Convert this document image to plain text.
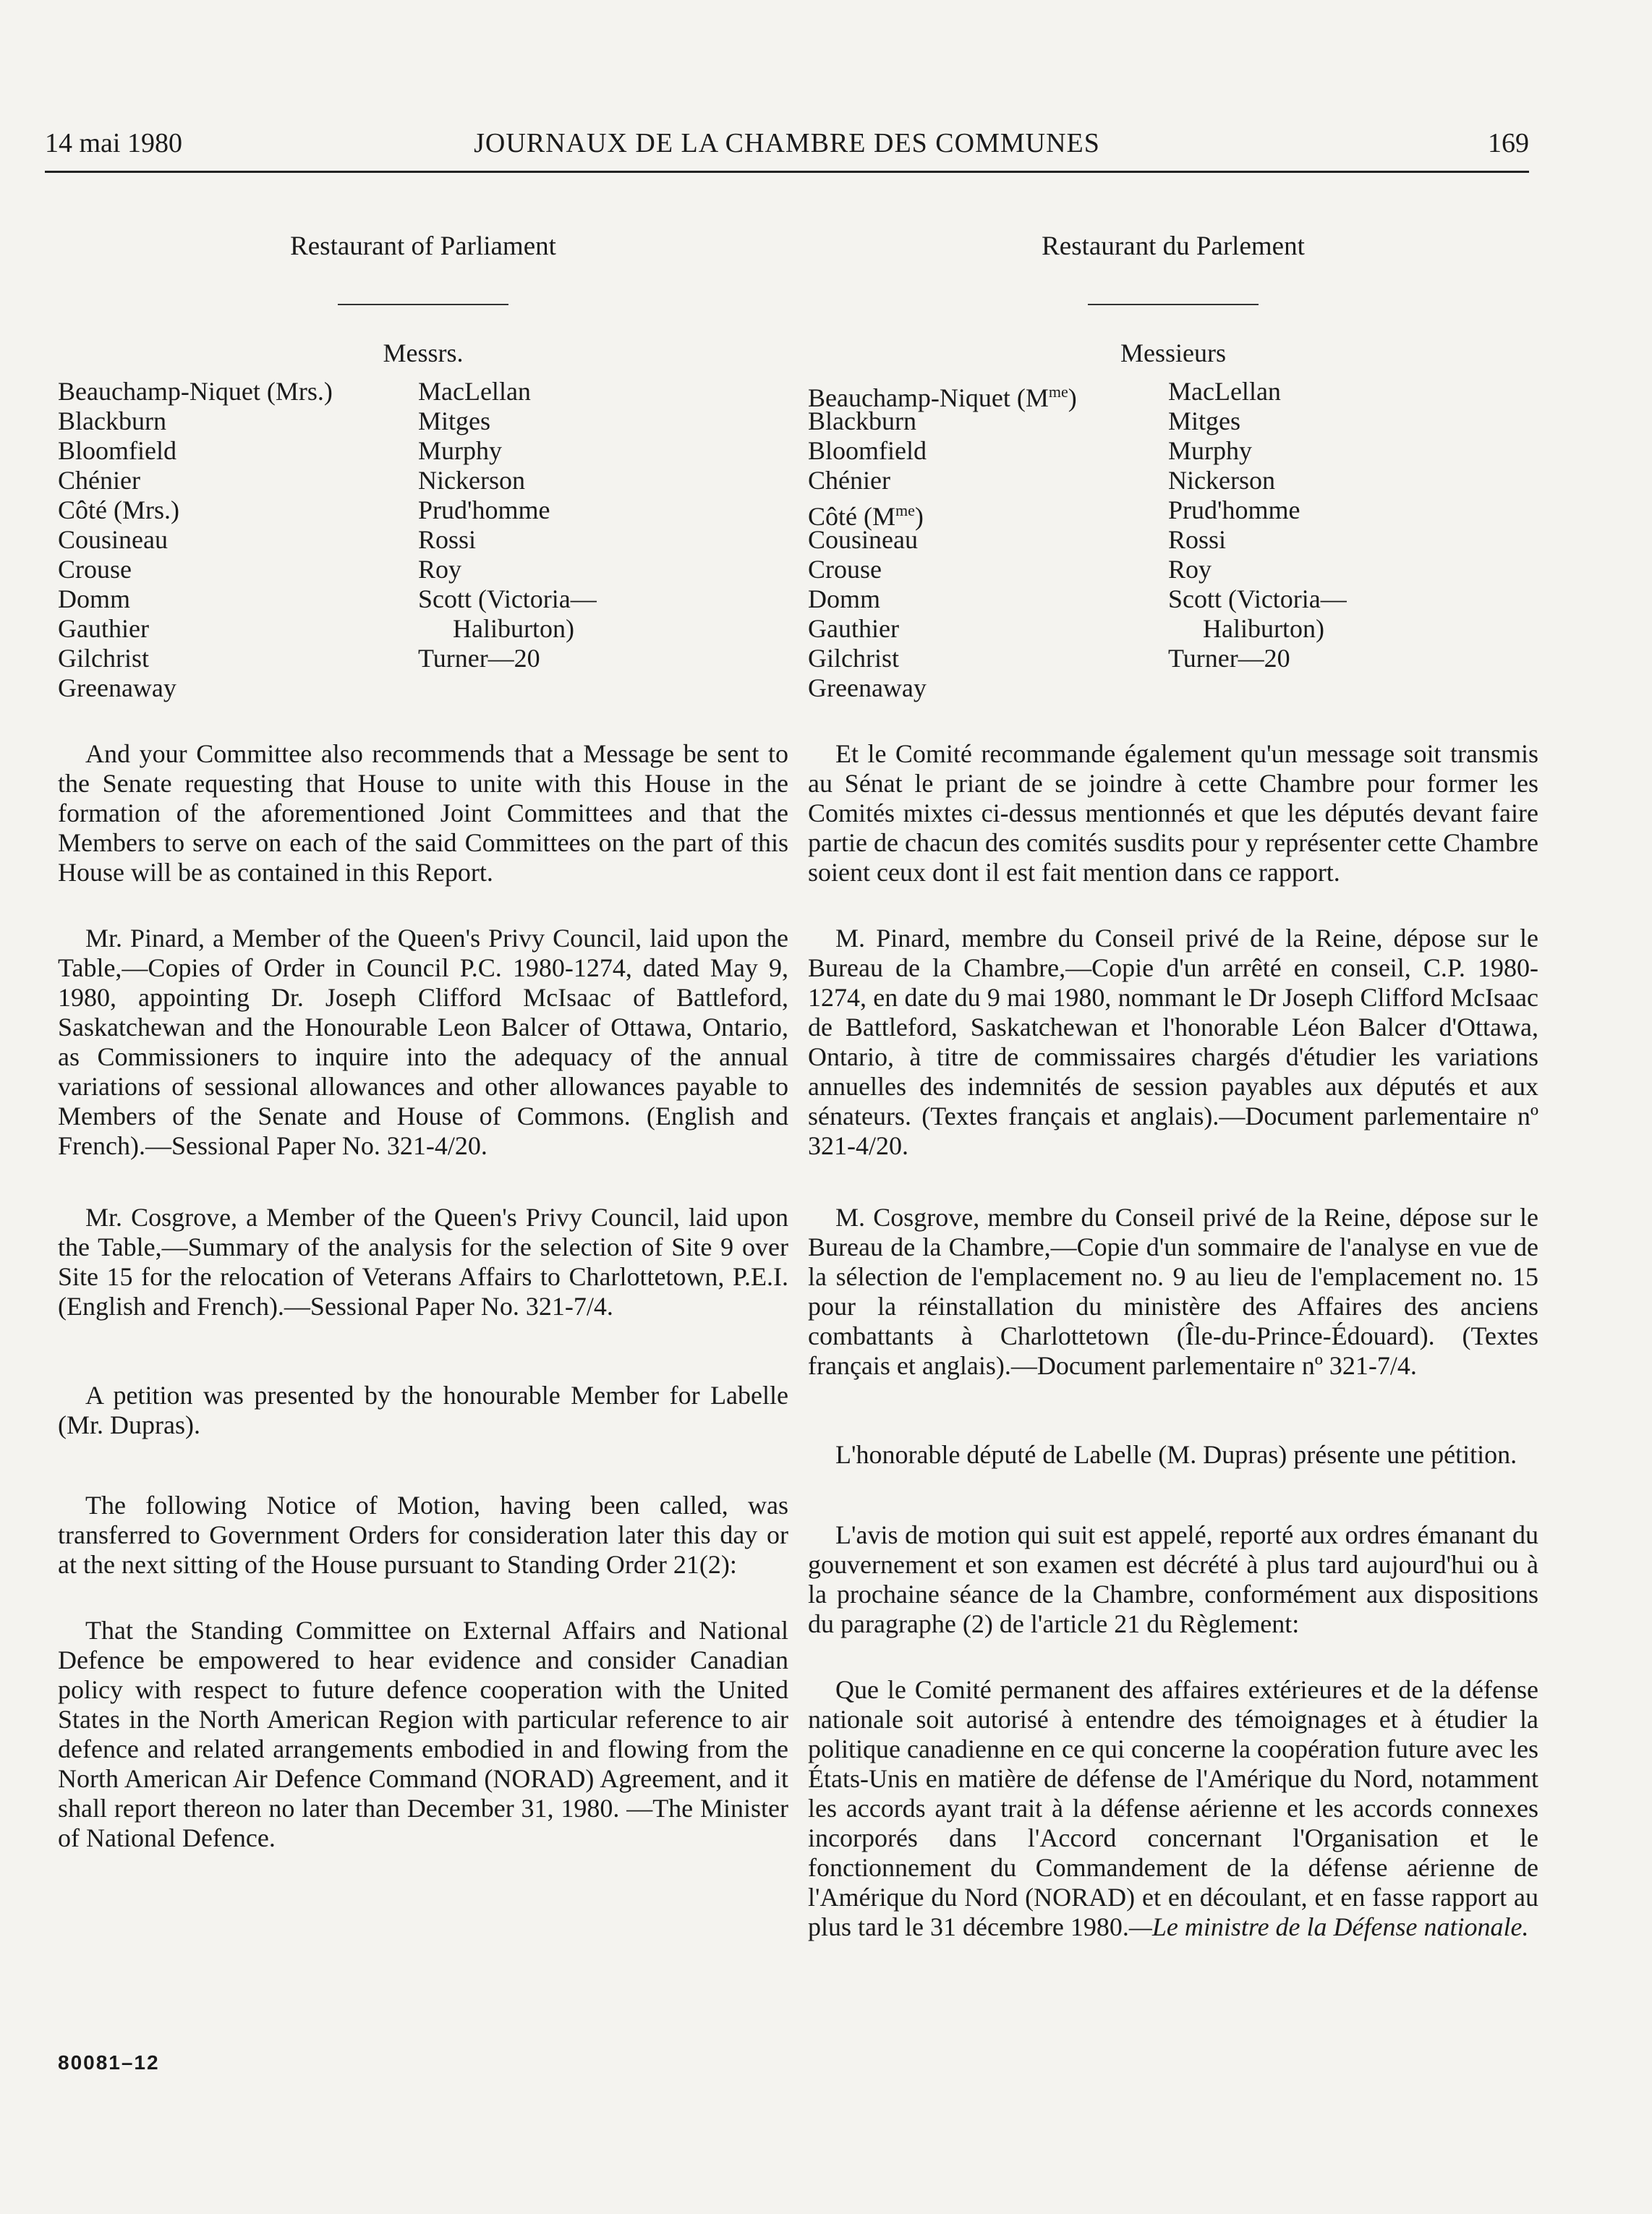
14 mai 1980	JOURNAUX DE LA CHAMBRE DES COMMUNES	169
Restaurant of Parliament
Messrs.
Beauchamp-Niquet (Mrs.)
Blackburn
Bloomfield
Chénier
Côté (Mrs.)
Cousineau
Crouse
Domm
Gauthier
Gilchrist
Greenaway
MacLellan
Mitges
Murphy
Nickerson
Prud'homme
Rossi
Roy
Scott (Victoria—
Haliburton)
Turner—20

And your Committee also recommends that a Message be sent to the Senate requesting that House to unite with this House in the formation of the aforementioned Joint Committees and that the Members to serve on each of the said Committees on the part of this House will be as contained in this Report.

Mr. Pinard, a Member of the Queen's Privy Council, laid upon the Table,—Copies of Order in Council P.C. 1980-1274, dated May 9, 1980, appointing Dr. Joseph Clifford McIsaac of Battleford, Saskatchewan and the Honourable Leon Balcer of Ottawa, Ontario, as Commissioners to inquire into the adequacy of the annual variations of sessional allowances and other allowances payable to Members of the Senate and House of Commons. (English and French).—Sessional Paper No. 321-4/20.

Mr. Cosgrove, a Member of the Queen's Privy Council, laid upon the Table,—Summary of the analysis for the selection of Site 9 over Site 15 for the relocation of Veterans Affairs to Charlottetown, P.E.I. (English and French).—Sessional Paper No. 321-7/4.

A petition was presented by the honourable Member for Labelle (Mr. Dupras).

The following Notice of Motion, having been called, was transferred to Government Orders for consideration later this day or at the next sitting of the House pursuant to Standing Order 21(2):

That the Standing Committee on External Affairs and National Defence be empowered to hear evidence and consider Canadian policy with respect to future defence cooperation with the United States in the North American Region with particular reference to air defence and related arrangements embodied in and flowing from the North American Air Defence Command (NORAD) Agreement, and it shall report thereon no later than December 31, 1980. —The Minister of National Defence.

Restaurant du Parlement
Messieurs
Beauchamp-Niquet $(M^{me})$
Blackburn
Bloomfield
Chénier
Côté $(M^{me})$
Cousineau
Crouse
Domm
Gauthier
Gilchrist
Greenaway
MacLellan
Mitges
Murphy
Nickerson
Prud'homme
Rossi
Roy
Scott (Victoria—
Haliburton)
Turner—20

Et le Comité recommande également qu'un message soit transmis au Sénat le priant de se joindre à cette Chambre pour former les Comités mixtes ci-dessus mentionnés et que les députés devant faire partie de chacun des comités susdits pour y représenter cette Chambre soient ceux dont il est fait mention dans ce rapport.

M. Pinard, membre du Conseil privé de la Reine, dépose sur le Bureau de la Chambre,—Copie d'un arrêté en conseil, C.P. 1980-1274, en date du 9 mai 1980, nommant le Dr Joseph Clifford McIsaac de Battleford, Saskatchewan et l'honorable Léon Balcer d'Ottawa, Ontario, à titre de commissaires chargés d'étudier les variations annuelles des indemnités de session payables aux députés et aux sénateurs. (Textes français et anglais).—Document parlementaire nº 321-4/20.

M. Cosgrove, membre du Conseil privé de la Reine, dépose sur le Bureau de la Chambre,—Copie d'un sommaire de l'analyse en vue de la sélection de l'emplacement no. 9 au lieu de l'emplacement no. 15 pour la réinstallation du ministère des Affaires des anciens combattants à Charlottetown (Île-du-Prince-Édouard). (Textes français et anglais).—Document parlementaire nº 321-7/4.

L'honorable député de Labelle (M. Dupras) présente une pétition.

L'avis de motion qui suit est appelé, reporté aux ordres émanant du gouvernement et son examen est décrété à plus tard aujourd'hui ou à la prochaine séance de la Chambre, conformément aux dispositions du paragraphe (2) de l'article 21 du Règlement:

Que le Comité permanent des affaires extérieures et de la défense nationale soit autorisé à entendre des témoignages et à étudier la politique canadienne en ce qui concerne la coopération future avec les États-Unis en matière de défense de l'Amérique du Nord, notamment les accords ayant trait à la défense aérienne et les accords connexes incorporés dans l'Accord concernant l'Organisation et le fonctionnement du Commandement de la défense aérienne de l'Amérique du Nord (NORAD) et en découlant, et en fasse rapport au plus tard le 31 décembre 1980.—Le ministre de la Défense nationale.

80081–12
